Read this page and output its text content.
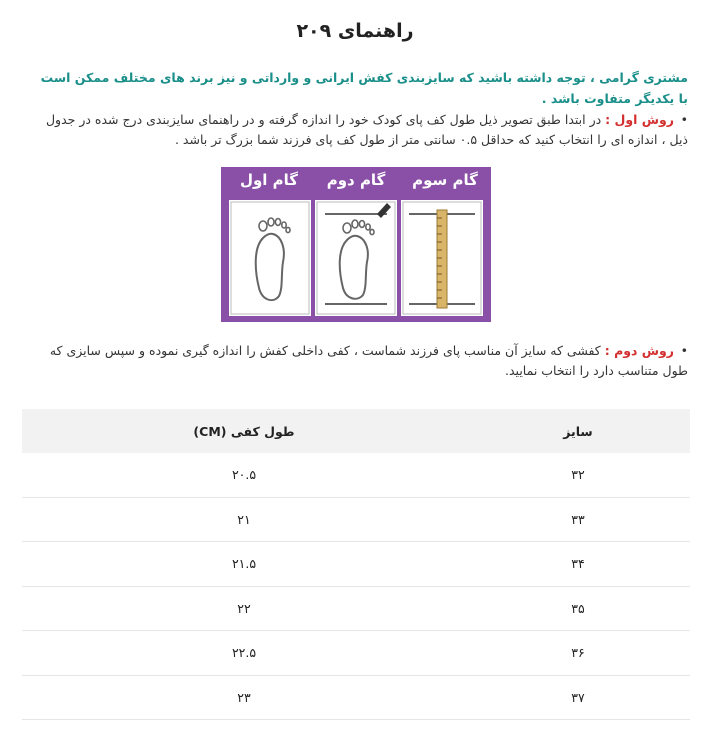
راهنمای ۲۰۹
مشتری گرامی ، توجه داشته باشید که سایزبندی کفش ایرانی و وارداتی و نیز برند های مختلف ممکن است با یکدیگر متفاوت باشد .
•روش اول : در ابتدا طبق تصویر ذیل طول کف پای کودک خود را اندازه گرفته و در راهنمای سایزبندی درج شده در جدول ذیل ، اندازه ای را انتخاب کنید که حداقل ۰.۵ سانتی متر از طول کف پای فرزند شما بزرگ تر باشد .
گام اول	گام دوم	گام سوم
•روش دوم : کفشی که سایز آن مناسب پای فرزند شماست ، کفی داخلی کفش را اندازه گیری نموده و سپس سایزی که طول متناسب دارد را انتخاب نمایید.
سایز
طول کفی (CM)
۳۲
۲۰.۵
۳۳
۲۱
۳۴
۲۱.۵
۳۵
۲۲
۳۶
۲۲.۵
۳۷
۲۳
